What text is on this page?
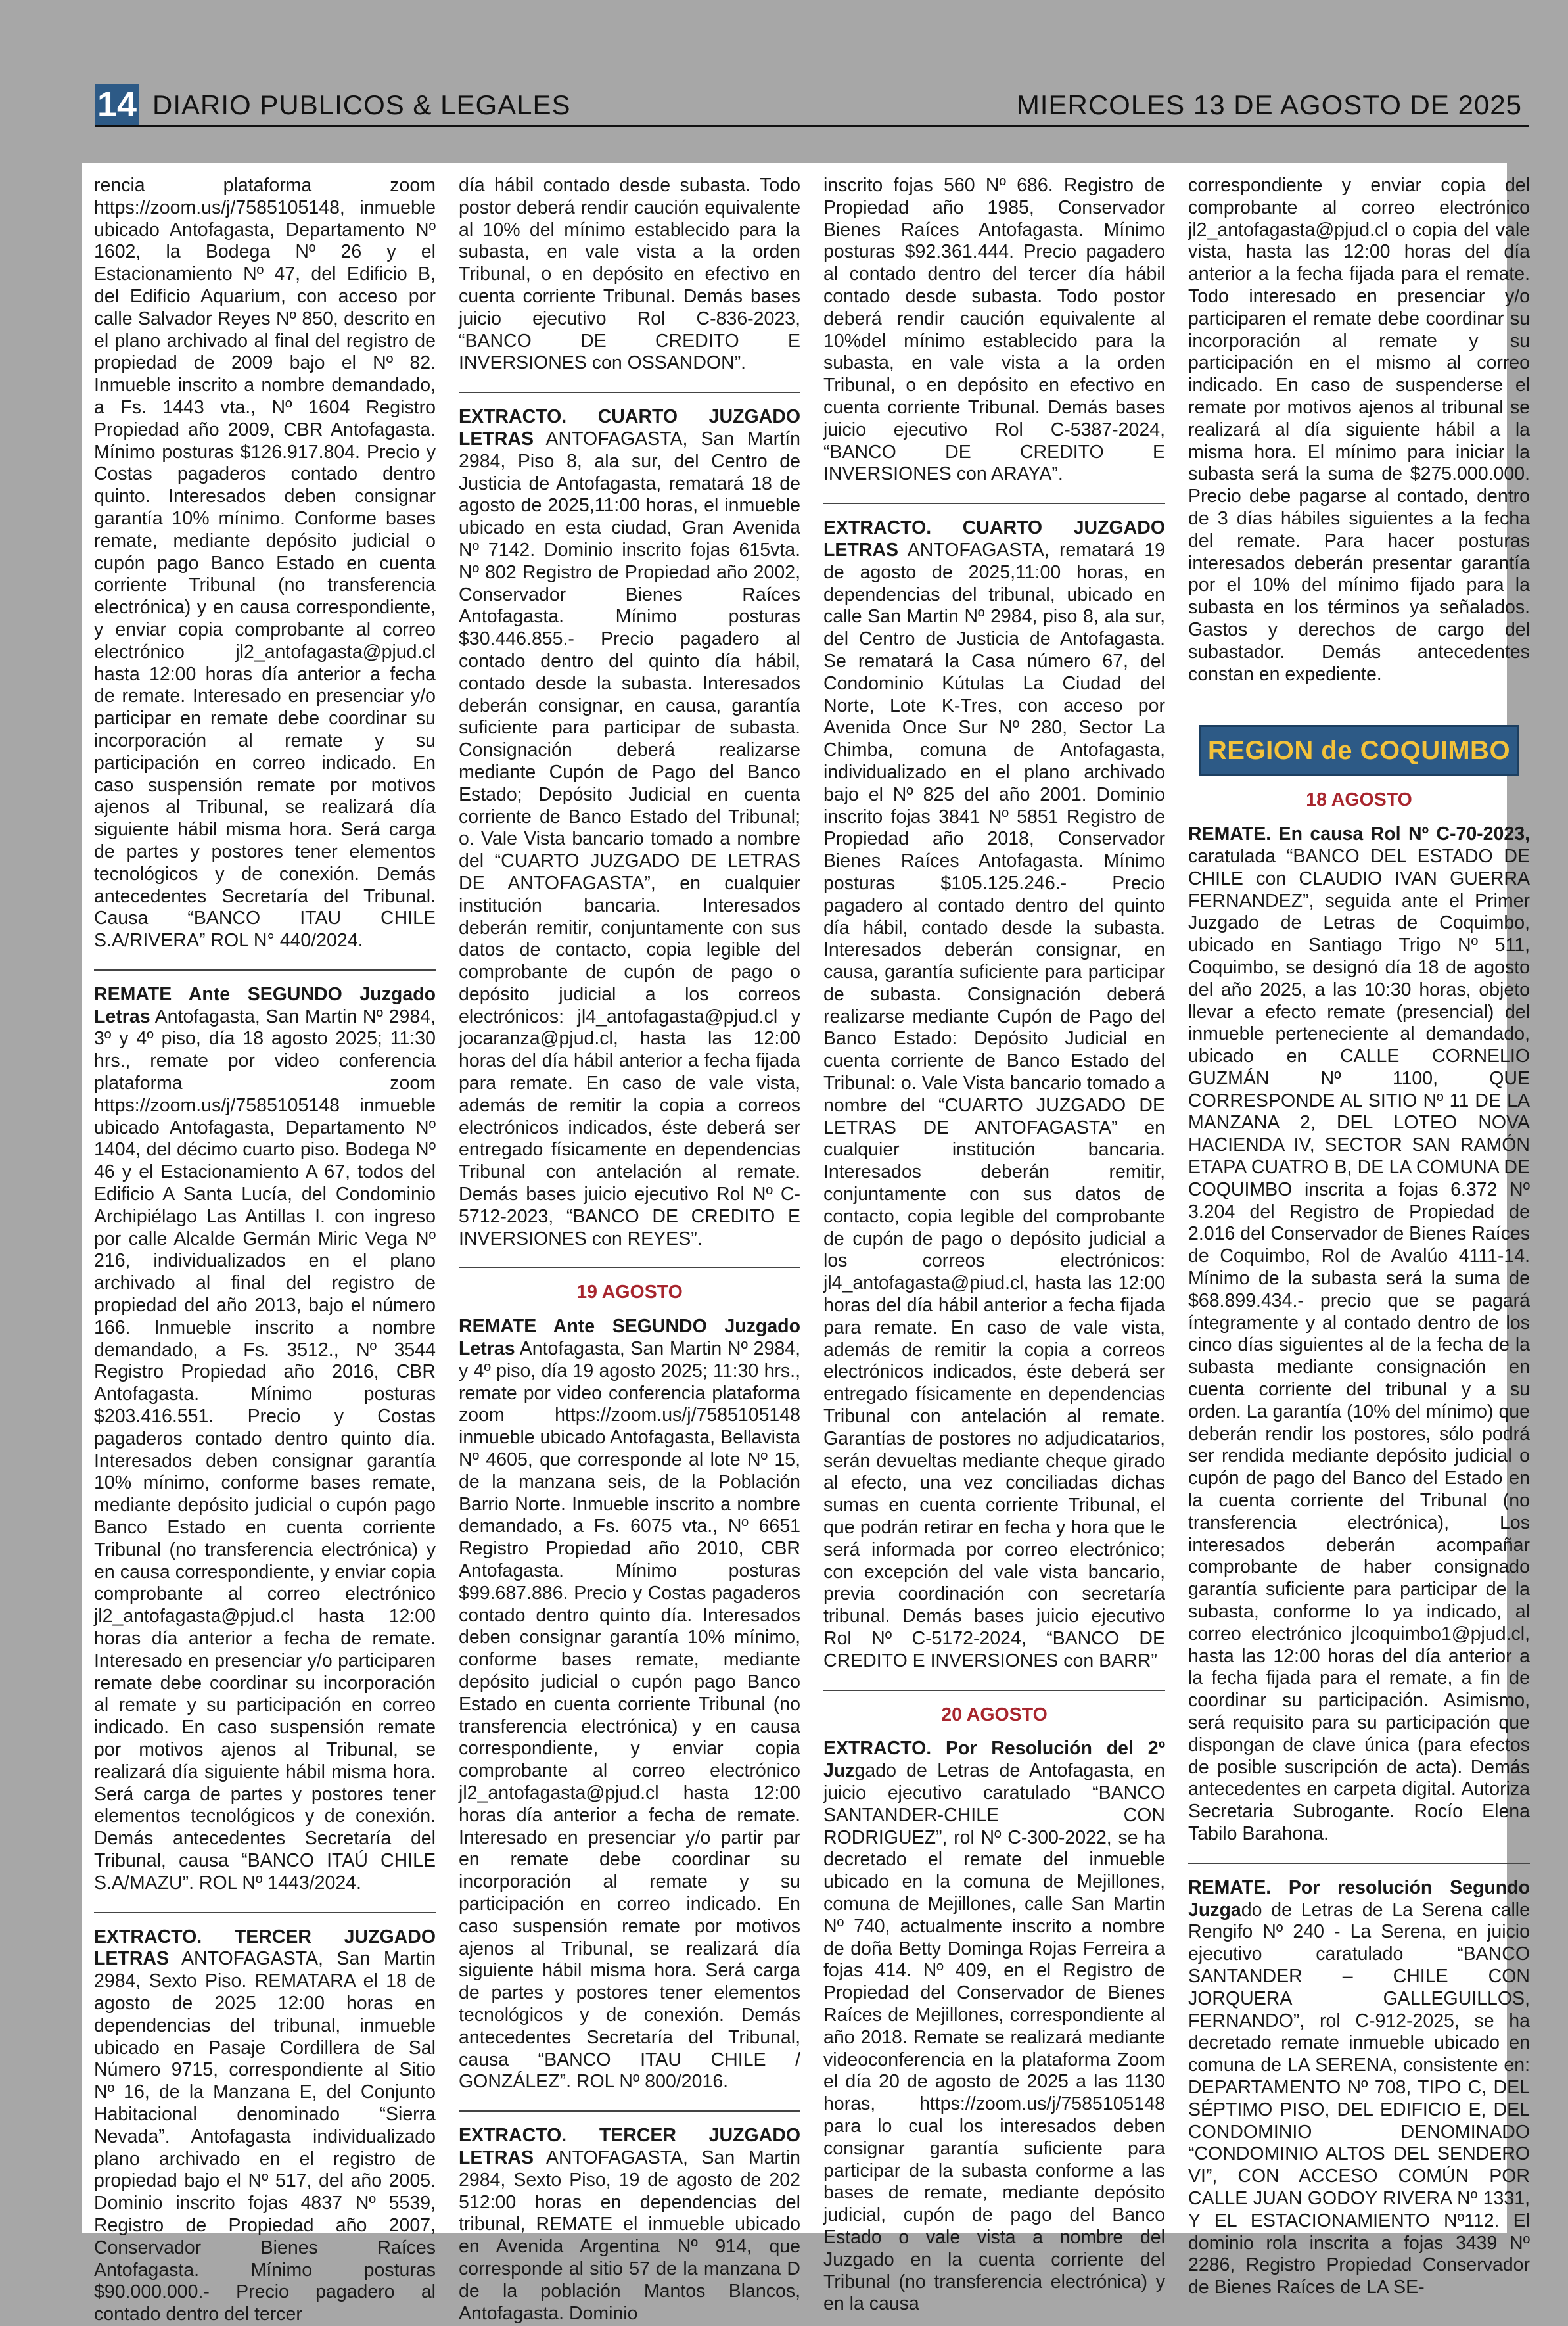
14 DIARIO PUBLICOS & LEGALES	MIERCOLES 13 DE AGOSTO DE 2025

rencia plataforma zoom https://zoom.us/j/7585105148, inmueble ubicado Antofagasta, Departamento Nº 1602, la Bodega Nº 26 y el Estacionamiento Nº 47, del Edificio B, del Edificio Aquarium, con acceso por calle Salvador Reyes Nº 850, descrito en el plano archivado al final del registro de propiedad de 2009 bajo el Nº 82. Inmueble inscrito a nombre demandado, a Fs. 1443 vta., Nº 1604 Registro Propiedad año 2009, CBR Antofagasta. Mínimo posturas $126.917.804. Precio y Costas pagaderos contado dentro quinto. Interesados deben consignar garantía 10% mínimo. Conforme bases remate, mediante depósito judicial o cupón pago Banco Estado en cuenta corriente Tribunal (no transferencia electrónica) y en causa correspondiente, y enviar copia comprobante al correo electrónico jl2_antofagasta@pjud.cl hasta 12:00 horas día anterior a fecha de remate. Interesado en presenciar y/o participar en remate debe coordinar su incorporación al remate y su participación en correo indicado. En caso suspensión remate por motivos ajenos al Tribunal, se realizará día siguiente hábil misma hora. Será carga de partes y postores tener elementos tecnológicos y de conexión. Demás antecedentes Secretaría del Tribunal. Causa “BANCO ITAU CHILE S.A/RIVERA” ROL N° 440/2024.

REMATE Ante SEGUNDO Juzgado Letras Antofagasta, San Martin Nº 2984, 3º y 4º piso, día 18 agosto 2025; 11:30 hrs., remate por video conferencia plataforma zoom https://zoom.us/j/7585105148 inmueble ubicado Antofagasta, Departamento Nº 1404, del décimo cuarto piso. Bodega Nº 46 y el Estacionamiento A 67, todos del Edificio A Santa Lucía, del Condominio Archipiélago Las Antillas I. con ingreso por calle Alcalde Germán Miric Vega Nº 216, individualizados en el plano archivado al final del registro de propiedad del año 2013, bajo el número 166. Inmueble inscrito a nombre demandado, a Fs. 3512., Nº 3544 Registro Propiedad año 2016, CBR Antofagasta. Mínimo posturas $203.416.551. Precio y Costas pagaderos contado dentro quinto día. Interesados deben consignar garantía 10% mínimo, conforme bases remate, mediante depósito judicial o cupón pago Banco Estado en cuenta corriente Tribunal (no transferencia electrónica) y en causa correspondiente, y enviar copia comprobante al correo electrónico jl2_antofagasta@pjud.cl hasta 12:00 horas día anterior a fecha de remate. Interesado en presenciar y/o participaren remate debe coordinar su incorporación al remate y su participación en correo indicado. En caso suspensión remate por motivos ajenos al Tribunal, se realizará día siguiente hábil misma hora. Será carga de partes y postores tener elementos tecnológicos y de conexión. Demás antecedentes Secretaría del Tribunal, causa “BANCO ITAÚ CHILE S.A/MAZU”. ROL Nº 1443/2024.

EXTRACTO. TERCER JUZGADO LETRAS ANTOFAGASTA, San Martin 2984, Sexto Piso. REMATARA el 18 de agosto de 2025 12:00 horas en dependencias del tribunal, inmueble ubicado en Pasaje Cordillera de Sal Número 9715, correspondiente al Sitio Nº 16, de la Manzana E, del Conjunto Habitacional denominado “Sierra Nevada”. Antofagasta individualizado plano archivado en el registro de propiedad bajo el Nº 517, del año 2005. Dominio inscrito fojas 4837 Nº 5539, Registro de Propiedad año 2007, Conservador Bienes Raíces Antofagasta. Mínimo posturas $90.000.000.- Precio pagadero al contado dentro del tercer

día hábil contado desde subasta. Todo postor deberá rendir caución equivalente al 10% del mínimo establecido para la subasta, en vale vista a la orden Tribunal, o en depósito en efectivo en cuenta corriente Tribunal. Demás bases juicio ejecutivo Rol C-836-2023, “BANCO DE CREDITO E INVERSIONES con OSSANDON”.

EXTRACTO. CUARTO JUZGADO LETRAS ANTOFAGASTA, San Martín 2984, Piso 8, ala sur, del Centro de Justicia de Antofagasta, rematará 18 de agosto de 2025,11:00 horas, el inmueble ubicado en esta ciudad, Gran Avenida Nº 7142. Dominio inscrito fojas 615vta. Nº 802 Registro de Propiedad año 2002, Conservador Bienes Raíces Antofagasta. Mínimo posturas $30.446.855.- Precio pagadero al contado dentro del quinto día hábil, contado desde la subasta. Interesados deberán consignar, en causa, garantía suficiente para participar de subasta. Consignación deberá realizarse mediante Cupón de Pago del Banco Estado; Depósito Judicial en cuenta corriente de Banco Estado del Tribunal; o. Vale Vista bancario tomado a nombre del “CUARTO JUZGADO DE LETRAS DE ANTOFAGASTA”, en cualquier institución bancaria. Interesados deberán remitir, conjuntamente con sus datos de contacto, copia legible del comprobante de cupón de pago o depósito judicial a los correos electrónicos: jl4_antofagasta@pjud.cl y jocaranza@pjud.cl, hasta las 12:00 horas del día hábil anterior a fecha fijada para remate. En caso de vale vista, además de remitir la copia a correos electrónicos indicados, éste deberá ser entregado físicamente en dependencias Tribunal con antelación al remate. Demás bases juicio ejecutivo Rol Nº C-5712-2023, “BANCO DE CREDITO E INVERSIONES con REYES”.

19 AGOSTO

REMATE Ante SEGUNDO Juzgado Letras Antofagasta, San Martin Nº 2984, y 4º piso, día 19 agosto 2025; 11:30 hrs., remate por video conferencia plataforma zoom https://zoom.us/j/7585105148 inmueble ubicado Antofagasta, Bellavista Nº 4605, que corresponde al lote Nº 15, de la manzana seis, de la Población Barrio Norte. Inmueble inscrito a nombre demandado, a Fs. 6075 vta., Nº 6651 Registro Propiedad año 2010, CBR Antofagasta. Mínimo posturas $99.687.886. Precio y Costas pagaderos contado dentro quinto día. Interesados deben consignar garantía 10% mínimo, conforme bases remate, mediante depósito judicial o cupón pago Banco Estado en cuenta corriente Tribunal (no transferencia electrónica) y en causa correspondiente, y enviar copia comprobante al correo electrónico jl2_antofagasta@pjud.cl hasta 12:00 horas día anterior a fecha de remate. Interesado en presenciar y/o partir par en remate debe coordinar su incorporación al remate y su participación en correo indicado. En caso suspensión remate por motivos ajenos al Tribunal, se realizará día siguiente hábil misma hora. Será carga de partes y postores tener elementos tecnológicos y de conexión. Demás antecedentes Secretaría del Tribunal, causa “BANCO ITAU CHILE / GONZÁLEZ”. ROL Nº 800/2016.

EXTRACTO. TERCER JUZGADO LETRAS ANTOFAGASTA, San Martin 2984, Sexto Piso, 19 de agosto de 202 512:00 horas en dependencias del tribunal, REMATE el inmueble ubicado en Avenida Argentina Nº 914, que corresponde al sitio 57 de la manzana D de la población Mantos Blancos, Antofagasta. Dominio

inscrito fojas 560 Nº 686. Registro de Propiedad año 1985, Conservador Bienes Raíces Antofagasta. Mínimo posturas $92.361.444. Precio pagadero al contado dentro del tercer día hábil contado desde subasta. Todo postor deberá rendir caución equivalente al 10%del mínimo establecido para la subasta, en vale vista a la orden Tribunal, o en depósito en efectivo en cuenta corriente Tribunal. Demás bases juicio ejecutivo Rol C-5387-2024, “BANCO DE CREDITO E INVERSIONES con ARAYA”.

EXTRACTO. CUARTO JUZGADO LETRAS ANTOFAGASTA, rematará 19 de agosto de 2025,11:00 horas, en dependencias del tribunal, ubicado en calle San Martin Nº 2984, piso 8, ala sur, del Centro de Justicia de Antofagasta. Se rematará la Casa número 67, del Condominio Kútulas La Ciudad del Norte, Lote K-Tres, con acceso por Avenida Once Sur Nº 280, Sector La Chimba, comuna de Antofagasta, individualizado en el plano archivado bajo el Nº 825 del año 2001. Dominio inscrito fojas 3841 Nº 5851 Registro de Propiedad año 2018, Conservador Bienes Raíces Antofagasta. Mínimo posturas $105.125.246.- Precio pagadero al contado dentro del quinto día hábil, contado desde la subasta. Interesados deberán consignar, en causa, garantía suficiente para participar de subasta. Consignación deberá realizarse mediante Cupón de Pago del Banco Estado: Depósito Judicial en cuenta corriente de Banco Estado del Tribunal: o. Vale Vista bancario tomado a nombre del “CUARTO JUZGADO DE LETRAS DE ANTOFAGASTA” en cualquier institución bancaria. Interesados deberán remitir, conjuntamente con sus datos de contacto, copia legible del comprobante de cupón de pago o depósito judicial a los correos electrónicos: jl4_antofagasta@piud.cl, hasta las 12:00 horas del día hábil anterior a fecha fijada para remate. En caso de vale vista, además de remitir la copia a correos electrónicos indicados, éste deberá ser entregado físicamente en dependencias Tribunal con antelación al remate. Garantías de postores no adjudicatarios, serán devueltas mediante cheque girado al efecto, una vez conciliadas dichas sumas en cuenta corriente Tribunal, el que podrán retirar en fecha y hora que le será informada por correo electrónico; con excepción del vale vista bancario, previa coordinación con secretaría tribunal. Demás bases juicio ejecutivo Rol Nº C-5172-2024, “BANCO DE CREDITO E INVERSIONES con BARR”

20 AGOSTO

EXTRACTO. Por Resolución del 2º Juzgado de Letras de Antofagasta, en juicio ejecutivo caratulado “BANCO SANTANDER-CHILE CON RODRIGUEZ”, rol Nº C-300-2022, se ha decretado el remate del inmueble ubicado en la comuna de Mejillones, comuna de Mejillones, calle San Martin Nº 740, actualmente inscrito a nombre de doña Betty Dominga Rojas Ferreira a fojas 414. Nº 409, en el Registro de Propiedad del Conservador de Bienes Raíces de Mejillones, correspondiente al año 2018. Remate se realizará mediante videoconferencia en la plataforma Zoom el día 20 de agosto de 2025 a las 1130 horas, https://zoom.us/j/7585105148 para lo cual los interesados deben consignar garantía suficiente para participar de la subasta conforme a las bases de remate, mediante depósito judicial, cupón de pago del Banco Estado o vale vista a nombre del Juzgado en la cuenta corriente del Tribunal (no transferencia electrónica) y en la causa

correspondiente y enviar copia del comprobante al correo electrónico jl2_antofagasta@pjud.cl o copia del vale vista, hasta las 12:00 horas del día anterior a la fecha fijada para el remate. Todo interesado en presenciar y/o participaren el remate debe coordinar su incorporación al remate y su participación en el mismo al correo indicado. En caso de suspenderse el remate por motivos ajenos al tribunal se realizará al día siguiente hábil a la misma hora. El mínimo para iniciar la subasta será la suma de $275.000.000. Precio debe pagarse al contado, dentro de 3 días hábiles siguientes a la fecha del remate. Para hacer posturas interesados deberán presentar garantía por el 10% del mínimo fijado para la subasta en los términos ya señalados. Gastos y derechos de cargo del subastador. Demás antecedentes constan en expediente.

REGION de COQUIMBO
18 AGOSTO

REMATE. En causa Rol Nº C-70-2023, caratulada “BANCO DEL ESTADO DE CHILE con CLAUDIO IVAN GUERRA FERNANDEZ”, seguida ante el Primer Juzgado de Letras de Coquimbo, ubicado en Santiago Trigo Nº 511, Coquimbo, se designó día 18 de agosto del año 2025, a las 10:30 horas, objeto llevar a efecto remate (presencial) del inmueble perteneciente al demandado, ubicado en CALLE CORNELIO GUZMÁN Nº 1100, QUE CORRESPONDE AL SITIO Nº 11 DE LA MANZANA 2, DEL LOTEO NOVA HACIENDA IV, SECTOR SAN RAMÓN ETAPA CUATRO B, DE LA COMUNA DE COQUIMBO inscrita a fojas 6.372 Nº 3.204 del Registro de Propiedad de 2.016 del Conservador de Bienes Raíces de Coquimbo, Rol de Avalúo 4111-14. Mínimo de la subasta será la suma de $68.899.434.- precio que se pagará íntegramente y al contado dentro de los cinco días siguientes al de la fecha de la subasta mediante consignación en cuenta corriente del tribunal y a su orden. La garantía (10% del mínimo) que deberán rendir los postores, sólo podrá ser rendida mediante depósito judicial o cupón de pago del Banco del Estado en la cuenta corriente del Tribunal (no transferencia electrónica), Los interesados deberán acompañar comprobante de haber consignado garantía suficiente para participar de la subasta, conforme lo ya indicado, al correo electrónico jlcoquimbo1@pjud.cl, hasta las 12:00 horas del día anterior a la fecha fijada para el remate, a fin de coordinar su participación. Asimismo, será requisito para su participación que dispongan de clave única (para efectos de posible suscripción de acta). Demás antecedentes en carpeta digital. Autoriza Secretaria Subrogante. Rocío Elena Tabilo Barahona.

REMATE. Por resolución Segundo Juzgado de Letras de La Serena calle Rengifo Nº 240 - La Serena, en juicio ejecutivo caratulado “BANCO SANTANDER – CHILE CON JORQUERA GALLEGUILLOS, FERNANDO”, rol C-912-2025, se ha decretado remate inmueble ubicado en comuna de LA SERENA, consistente en: DEPARTAMENTO Nº 708, TIPO C, DEL SÉPTIMO PISO, DEL EDIFICIO E, DEL CONDOMINIO DENOMINADO “CONDOMINIO ALTOS DEL SENDERO VI”, CON ACCESO COMÚN POR CALLE JUAN GODOY RIVERA Nº 1331, Y EL ESTACIONAMIENTO Nº112. El dominio rola inscrita a fojas 3439 Nº 2286, Registro Propiedad Conservador de Bienes Raíces de LA SE-
